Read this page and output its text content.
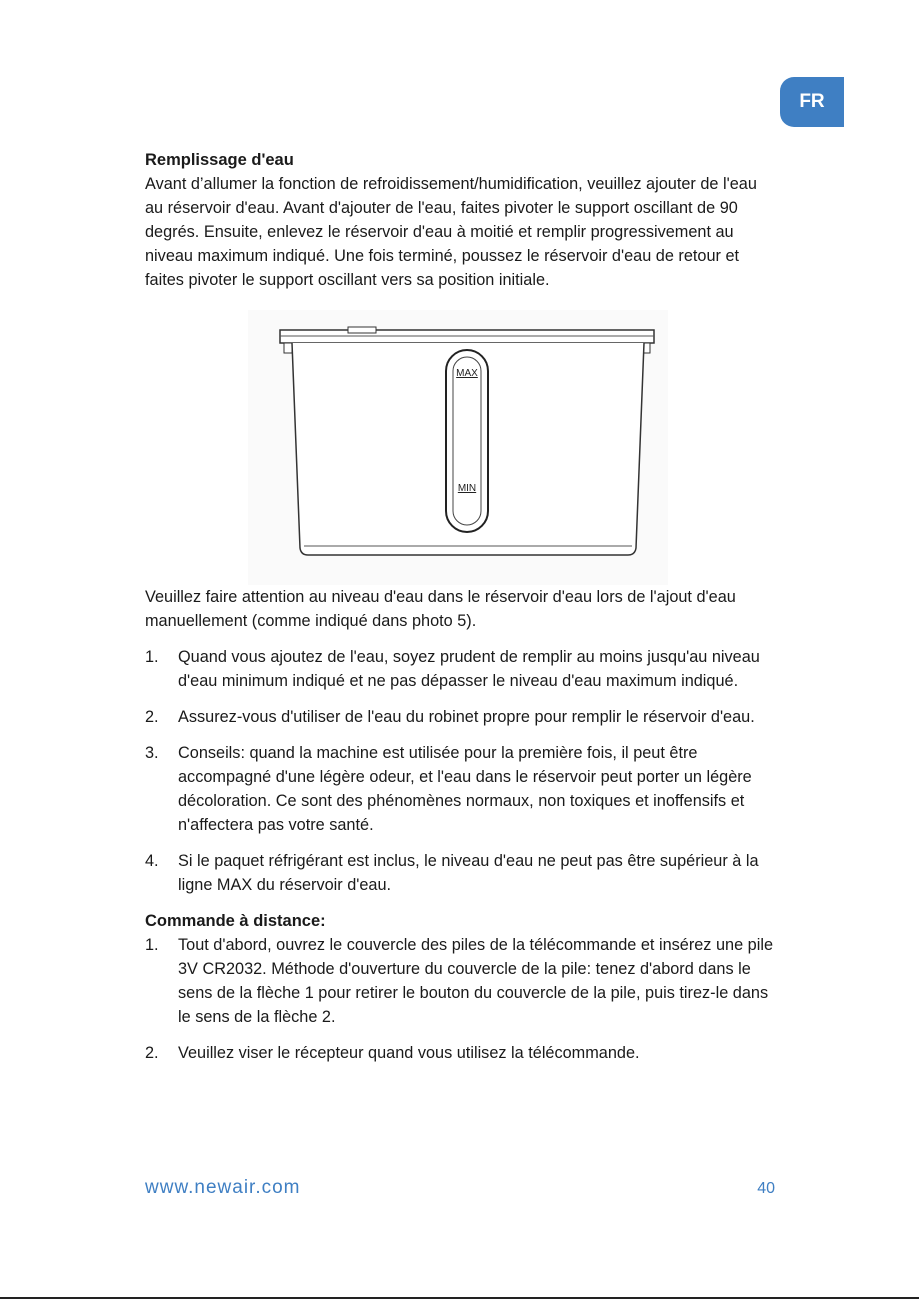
FR
Remplissage d'eau

Avant d’allumer la fonction de refroidissement/humidification, veuillez ajouter de l'eau au réservoir d'eau. Avant d'ajouter de l'eau, faites pivoter le support oscillant de 90 degrés. Ensuite, enlevez le réservoir d'eau à moitié et remplir progressivement au niveau maximum indiqué. Une fois terminé, poussez le réservoir d'eau de retour et faites pivoter le support oscillant vers sa position initiale.

MAX
MIN

Veuillez faire attention au niveau d'eau dans le réservoir d'eau lors de l'ajout d'eau manuellement (comme indiqué dans photo 5).

1.	Quand vous ajoutez de l'eau, soyez prudent de remplir au moins jusqu'au niveau d'eau minimum indiqué et ne pas dépasser le niveau d'eau maximum indiqué.
2.	Assurez-vous d'utiliser de l'eau du robinet propre pour remplir le réservoir d'eau.
3.	Conseils: quand la machine est utilisée pour la première fois, il peut être accompagné d'une légère odeur, et l'eau dans le réservoir peut porter un légère décoloration. Ce sont des phénomènes normaux, non toxiques et inoffensifs et n'affectera pas votre santé.
4.	Si le paquet réfrigérant est inclus, le niveau d'eau ne peut pas être supérieur à la ligne MAX du réservoir d'eau.
Commande à distance:
1.	Tout d'abord, ouvrez le couvercle des piles de la télécommande et insérez une pile 3V CR2032. Méthode d'ouverture du couvercle de la pile: tenez d'abord dans le sens de la flèche 1 pour retirer le bouton du couvercle de la pile, puis tirez-le dans le sens de la flèche 2.
2.	Veuillez viser le récepteur quand vous utilisez la télécommande.
www.newair.com	40
